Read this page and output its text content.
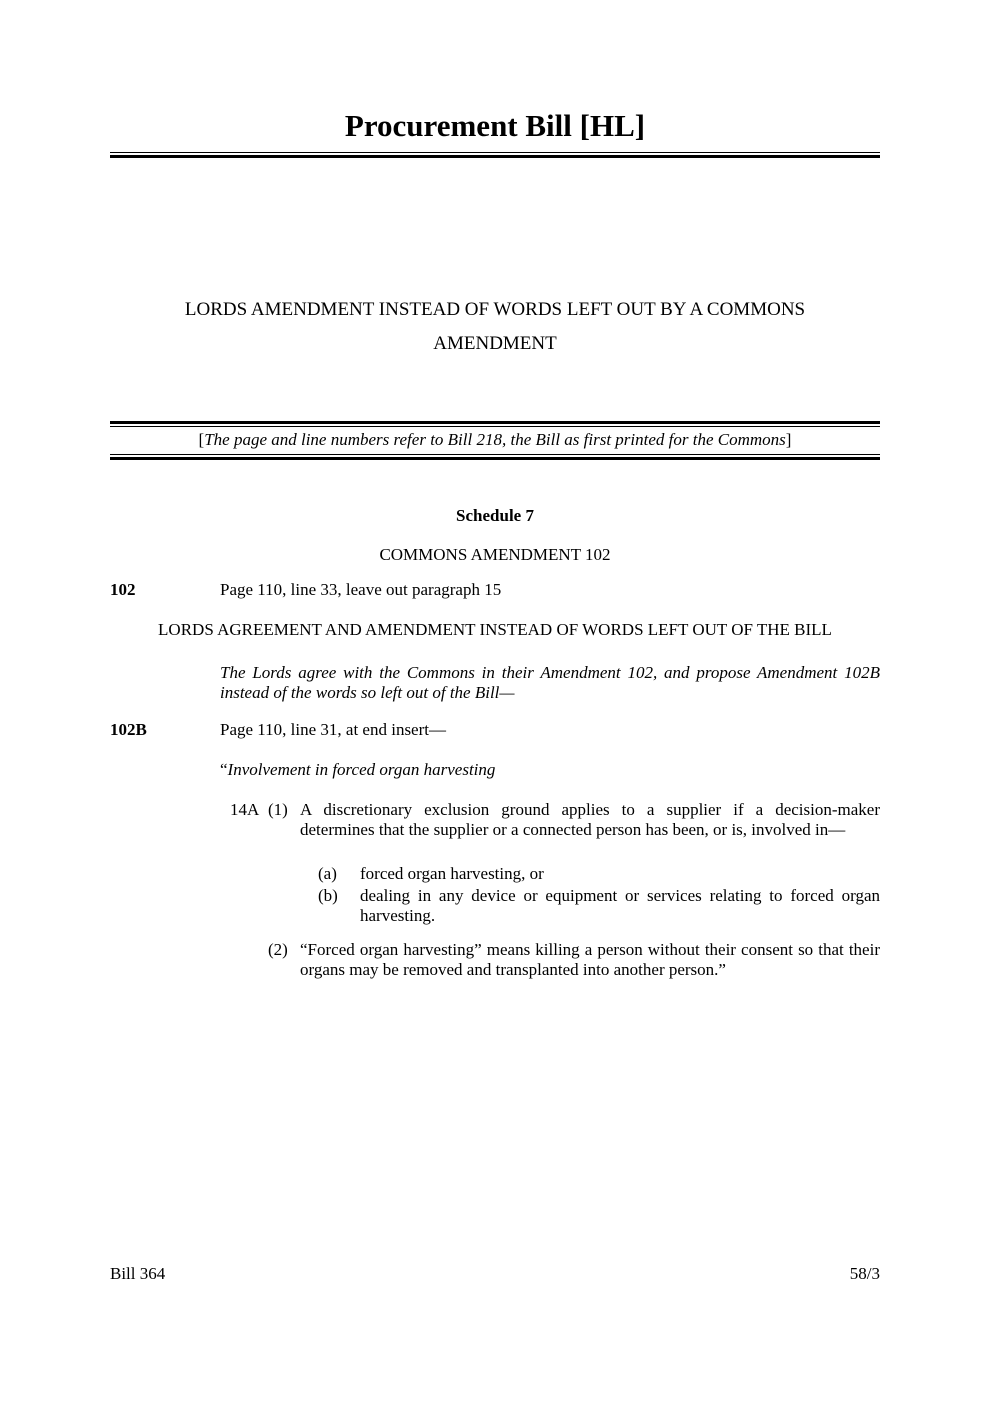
Procurement Bill [HL]
LORDS AMENDMENT INSTEAD OF WORDS LEFT OUT BY A COMMONS
AMENDMENT
[The page and line numbers refer to Bill 218, the Bill as first printed for the Commons]
Schedule 7
COMMONS AMENDMENT 102
102	Page 110, line 33, leave out paragraph 15
LORDS AGREEMENT AND AMENDMENT INSTEAD OF WORDS LEFT OUT OF THE BILL
The Lords agree with the Commons in their Amendment 102, and propose Amendment 102B instead of the words so left out of the Bill—
102B	Page 110, line 31, at end insert—
“Involvement in forced organ harvesting
14A (1) A discretionary exclusion ground applies to a supplier if a decision-maker determines that the supplier or a connected person has been, or is, involved in—
(a) forced organ harvesting, or
(b) dealing in any device or equipment or services relating to forced organ harvesting.
(2) “Forced organ harvesting” means killing a person without their consent so that their organs may be removed and transplanted into another person.”
Bill 364	58/3
